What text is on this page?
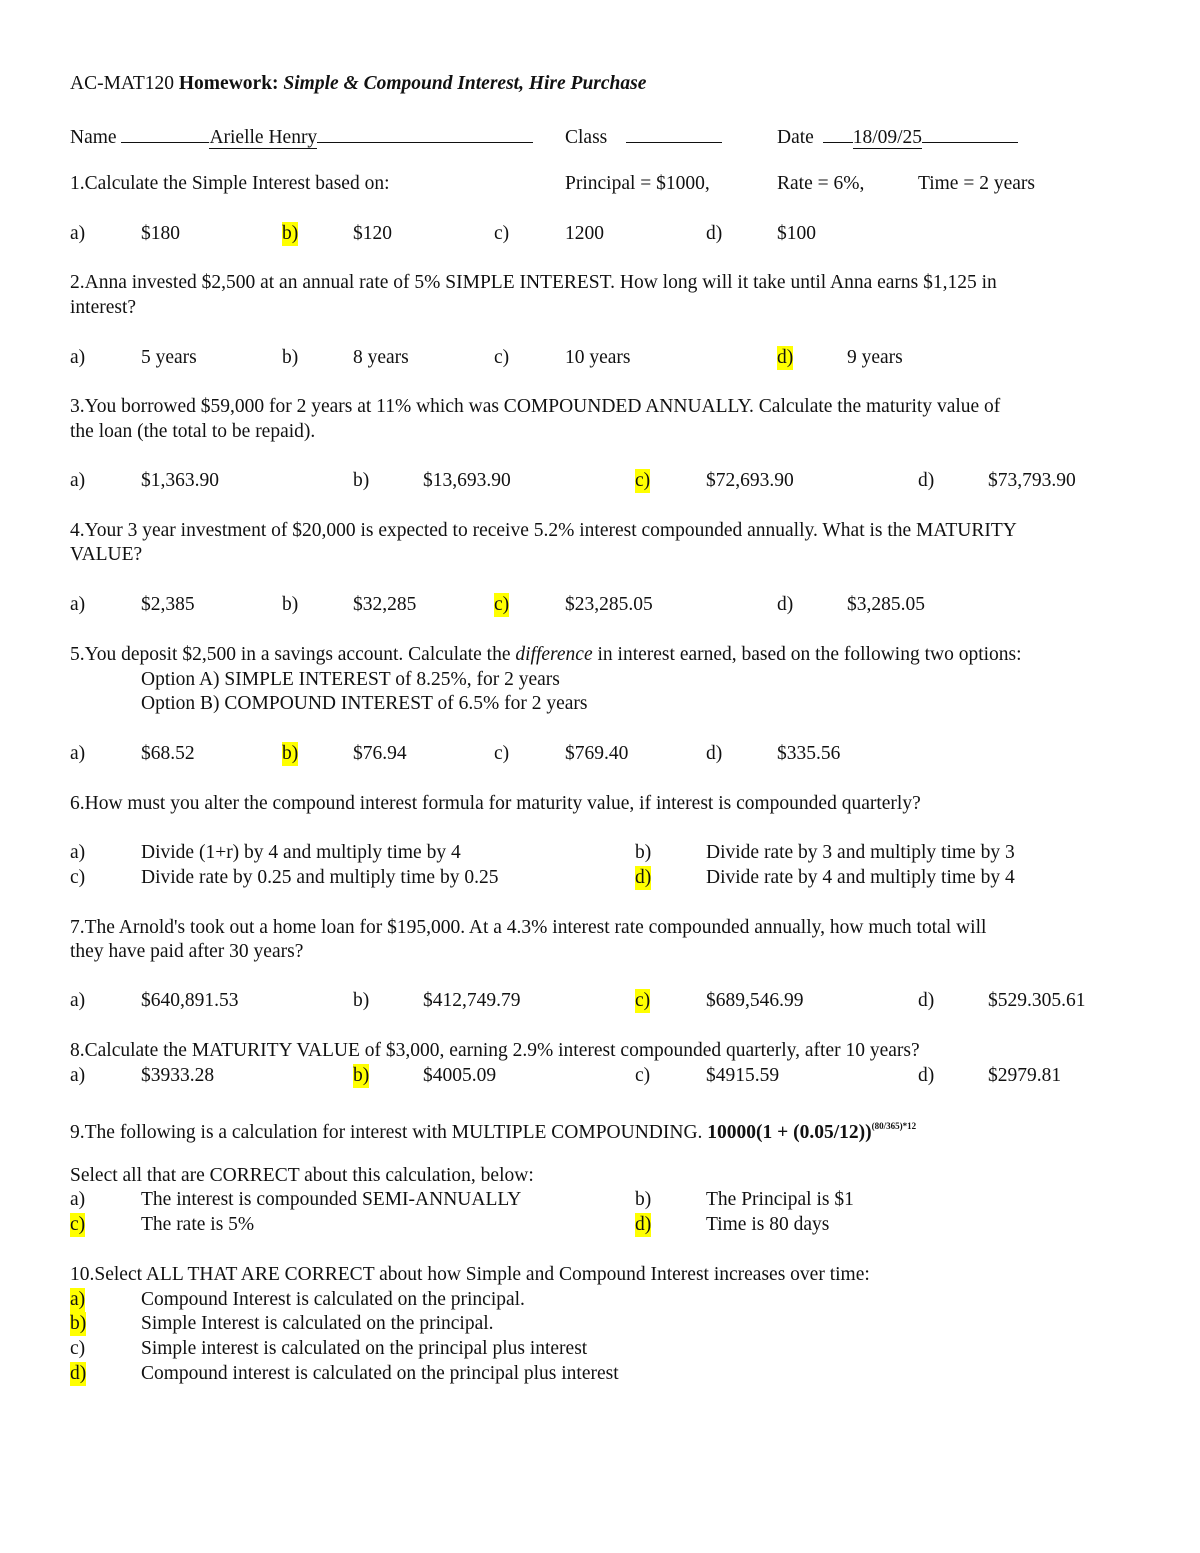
AC-MAT120 Homework: Simple & Compound Interest, Hire Purchase
Name	Arielle Henry	Class	Date 18/09/25
1.Calculate the Simple Interest based on:	Principal = $1000,	Rate = 6%,	Time = 2 years
a)	$180	b)	$120	c)	1200	d)	$100
2.Anna invested $2,500 at an annual rate of 5% SIMPLE INTEREST. How long will it take until Anna earns $1,125 in
interest?
a)	5 years	b)	8 years	c)	10 years	d)	9 years
3.You borrowed $59,000 for 2 years at 11% which was COMPOUNDED ANNUALLY. Calculate the maturity value of
the loan (the total to be repaid).
a)	$1,363.90	b)	$13,693.90	c)	$72,693.90	d)	$73,793.90
4.Your 3 year investment of $20,000 is expected to receive 5.2% interest compounded annually. What is the MATURITY
VALUE?
a)	$2,385	b)	$32,285	c)	$23,285.05	d)	$3,285.05
5.You deposit $2,500 in a savings account. Calculate the difference in interest earned, based on the following two options:
Option A) SIMPLE INTEREST of 8.25%, for 2 years
Option B) COMPOUND INTEREST of 6.5% for 2 years
a)	$68.52	b)	$76.94	c)	$769.40	d)	$335.56
6.How must you alter the compound interest formula for maturity value, if interest is compounded quarterly?
a)	Divide (1+r) by 4 and multiply time by 4	b)	Divide rate by 3 and multiply time by 3
c)	Divide rate by 0.25 and multiply time by 0.25	d)	Divide rate by 4 and multiply time by 4
7.The Arnold's took out a home loan for $195,000. At a 4.3% interest rate compounded annually, how much total will
they have paid after 30 years?
a)	$640,891.53	b)	$412,749.79	c)	$689,546.99	d)	$529.305.61
8.Calculate the MATURITY VALUE of $3,000, earning 2.9% interest compounded quarterly, after 10 years?
a)	$3933.28	b)	$4005.09	c)	$4915.59	d)	$2979.81
9.The following is a calculation for interest with MULTIPLE COMPOUNDING. $10000(1 + (0.05/12))^{(80/365)*12}$
Select all that are CORRECT about this calculation, below:
a)	The interest is compounded SEMI-ANNUALLY	b)	The Principal is $1
c)	The rate is 5%	d)	Time is 80 days
10.Select ALL THAT ARE CORRECT about how Simple and Compound Interest increases over time:
a)	Compound Interest is calculated on the principal.
b)	Simple Interest is calculated on the principal.
c)	Simple interest is calculated on the principal plus interest
d)	Compound interest is calculated on the principal plus interest
